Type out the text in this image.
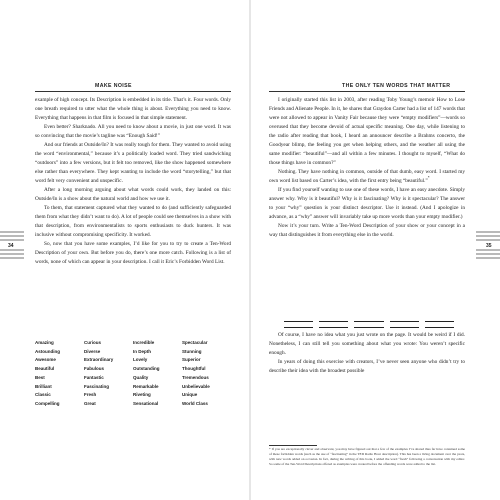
MAKE NOISE

example of high concept. Its Description is embedded in its title. That’s it. Four words. Only one breath required to utter what the whole thing is about. Everything you need to know. Everything that happens in that film is focused in that simple statement.

Even better? Sharknado. All you need to know about a movie, in just one word. It was so convincing that the movie’s tagline was “Enough Said!”

And our friends at Outside/In? It was really tough for them. They wanted to avoid using the word “environmental,” because it’s a politically loaded word. They tried sandwiching “outdoors” into a few versions, but it felt too removed, like the show happened somewhere else rather than everywhere. They kept wanting to include the word “storytelling,” but that word felt very convenient and unspecific.

After a long morning arguing about what words could work, they landed on this: Outside/In is a show about the natural world and how we use it.

To them, that statement captured what they wanted to do (and sufficiently safeguarded them from what they didn’t want to do). A lot of people could see themselves in a show with that description, from environmentalists to sports enthusiasts to duck hunters. It was inclusive without compromising specificity. It worked.

So, now that you have some examples, I’d like for you to try to create a Ten-Word Description of your own. But before you do, there’s one more catch. Following is a list of words, none of which can appear in your description. I call it Eric’s Forbidden Word List.

Amazing	Curious	Incredible	Spectacular
Astounding	Diverse	In Depth	Stunning
Awesome	Extraordinary	Lovely	Superior
Beautiful	Fabulous	Outstanding	Thoughtful
Best	Fantastic	Quality	Tremendous
Brilliant	Fascinating	Remarkable	Unbelievable
Classic	Fresh	Riveting	Unique
Compelling	Great	Sensational	World Class
34
THE ONLY TEN WORDS THAT MATTER

I originally started this list in 2003, after reading Toby Young’s memoir How to Lose Friends and Alienate People. In it, he shares that Graydon Carter had a list of 147 words that were not allowed to appear in Vanity Fair because they were “empty modifiers”—words so overused that they become devoid of actual specific meaning. One day, while listening to the radio after reading that book, I heard an announcer describe a Brahms concerto, the Goodyear blimp, the feeling you get when helping others, and the weather all using the same modifier: “beautiful”—and all within a few minutes. I thought to myself, “What do those things have in common?”

Nothing. They have nothing in common, outside of that dumb, easy word. I started my own word list based on Carter’s idea, with the first entry being “beautiful.”*

If you find yourself wanting to use one of these words, I have an easy anecdote. Simply answer why. Why is it beautiful? Why is it fascinating? Why is it spectacular? The answer to your “why” question is your distinct descriptor. Use it instead. (And I apologize in advance, as a “why” answer will invariably take up more words than your empty modifier.)

Now it’s your turn. Write a Ten-Word Description of your show or your concept in a way that distinguishes it from everything else in the world.

Of course, I have no idea what you just wrote on the page. It would be weird if I did. Nonetheless, I can still tell you something about what you wrote: You weren’t specific enough.

In years of doing this exercise with creators, I’ve never seen anyone who didn’t try to describe their idea with the broadest possible

* If you are exceptionally clever and observant, you may have figured out that a few of the examples I’ve shared thus far have contained some of these forbidden words (such as the use of “fascinating” in the TED Radio Hour description). This has been a living document over the years, with new words added on occasion. In fact, during the writing of this book, I added the word “fresh” following a conversation with my editor. So some of the Ten-Word Descriptions offered as examples were created before the offending words were added to the list.
35
